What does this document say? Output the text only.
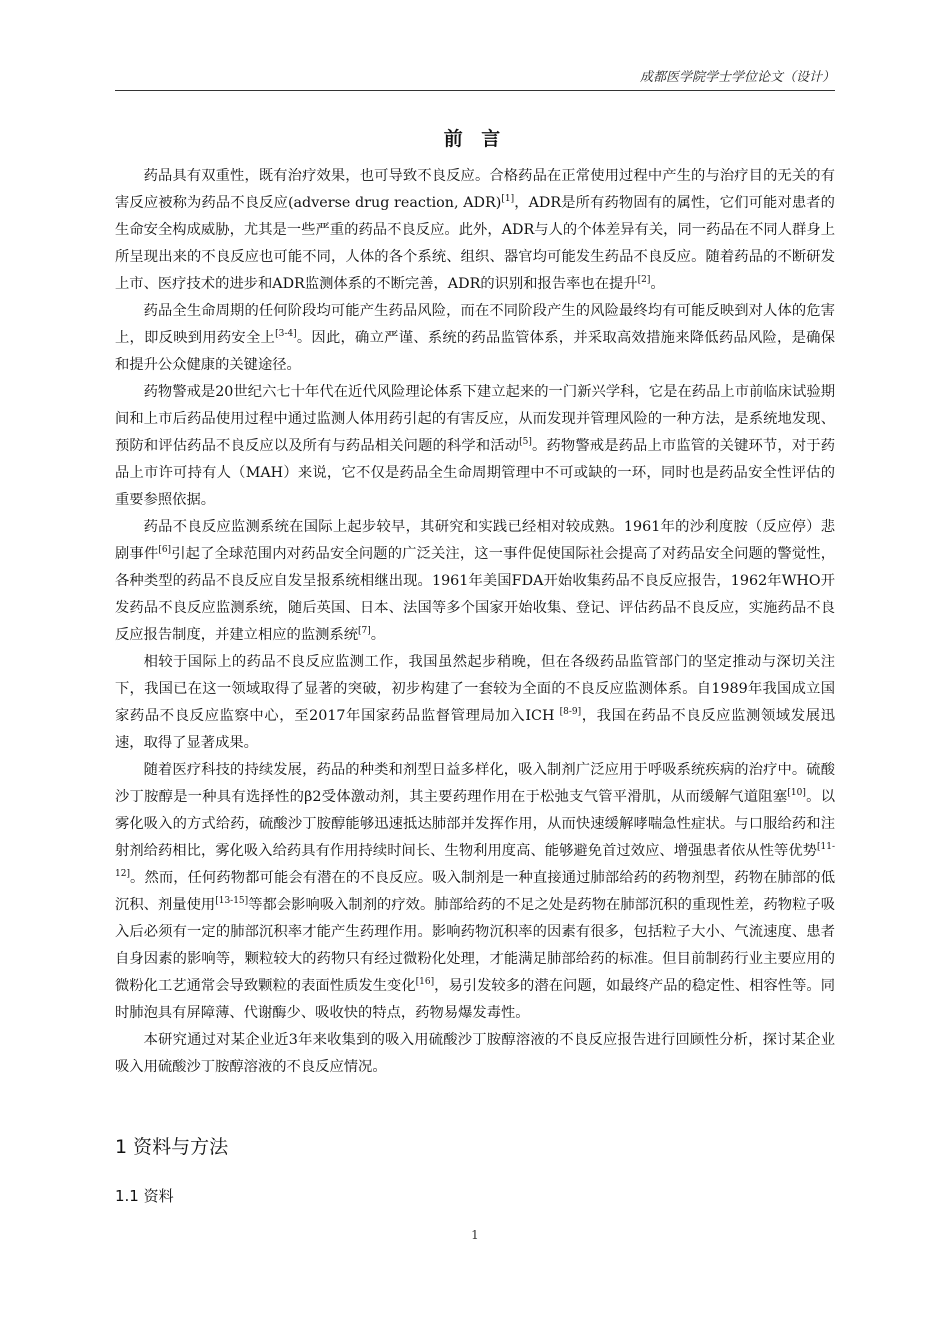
成都医学院学士学位论文（设计）
前 言

药品具有双重性，既有治疗效果，也可导致不良反应。合格药品在正常使用过程中产生的与治疗目的无关的有害反应被称为药品不良反应(adverse drug reaction, ADR)[1]，ADR是所有药物固有的属性，它们可能对患者的生命安全构成威胁，尤其是一些严重的药品不良反应。此外，ADR与人的个体差异有关，同一药品在不同人群身上所呈现出来的不良反应也可能不同，人体的各个系统、组织、器官均可能发生药品不良反应。随着药品的不断研发上市、医疗技术的进步和ADR监测体系的不断完善，ADR的识别和报告率也在提升[2]。

药品全生命周期的任何阶段均可能产生药品风险，而在不同阶段产生的风险最终均有可能反映到对人体的危害上，即反映到用药安全上[3-4]。因此，确立严谨、系统的药品监管体系，并采取高效措施来降低药品风险，是确保和提升公众健康的关键途径。

药物警戒是20世纪六七十年代在近代风险理论体系下建立起来的一门新兴学科，它是在药品上市前临床试验期间和上市后药品使用过程中通过监测人体用药引起的有害反应，从而发现并管理风险的一种方法，是系统地发现、预防和评估药品不良反应以及所有与药品相关问题的科学和活动[5]。药物警戒是药品上市监管的关键环节，对于药品上市许可持有人（MAH）来说，它不仅是药品全生命周期管理中不可或缺的一环，同时也是药品安全性评估的重要参照依据。

药品不良反应监测系统在国际上起步较早，其研究和实践已经相对较成熟。1961年的沙利度胺（反应停）悲剧事件[6]引起了全球范围内对药品安全问题的广泛关注，这一事件促使国际社会提高了对药品安全问题的警觉性，各种类型的药品不良反应自发呈报系统相继出现。1961年美国FDA开始收集药品不良反应报告，1962年WHO开发药品不良反应监测系统，随后英国、日本、法国等多个国家开始收集、登记、评估药品不良反应，实施药品不良反应报告制度，并建立相应的监测系统[7]。

相较于国际上的药品不良反应监测工作，我国虽然起步稍晚，但在各级药品监管部门的坚定推动与深切关注下，我国已在这一领域取得了显著的突破，初步构建了一套较为全面的不良反应监测体系。自1989年我国成立国家药品不良反应监察中心，至2017年国家药品监督管理局加入ICH [8-9]，我国在药品不良反应监测领域发展迅速，取得了显著成果。

随着医疗科技的持续发展，药品的种类和剂型日益多样化，吸入制剂广泛应用于呼吸系统疾病的治疗中。硫酸沙丁胺醇是一种具有选择性的β2受体激动剂，其主要药理作用在于松弛支气管平滑肌，从而缓解气道阻塞[10]。以雾化吸入的方式给药，硫酸沙丁胺醇能够迅速抵达肺部并发挥作用，从而快速缓解哮喘急性症状。与口服给药和注射剂给药相比，雾化吸入给药具有作用持续时间长、生物利用度高、能够避免首过效应、增强患者依从性等优势[11-12]。然而，任何药物都可能会有潜在的不良反应。吸入制剂是一种直接通过肺部给药的药物剂型，药物在肺部的低沉积、剂量使用[13-15]等都会影响吸入制剂的疗效。肺部给药的不足之处是药物在肺部沉积的重现性差，药物粒子吸入后必须有一定的肺部沉积率才能产生药理作用。影响药物沉积率的因素有很多，包括粒子大小、气流速度、患者自身因素的影响等，颗粒较大的药物只有经过微粉化处理，才能满足肺部给药的标准。但目前制药行业主要应用的微粉化工艺通常会导致颗粒的表面性质发生变化[16]，易引发较多的潜在问题，如最终产品的稳定性、相容性等。同时肺泡具有屏障薄、代谢酶少、吸收快的特点，药物易爆发毒性。

本研究通过对某企业近3年来收集到的吸入用硫酸沙丁胺醇溶液的不良反应报告进行回顾性分析，探讨某企业吸入用硫酸沙丁胺醇溶液的不良反应情况。

1 资料与方法
1.1 资料
1
